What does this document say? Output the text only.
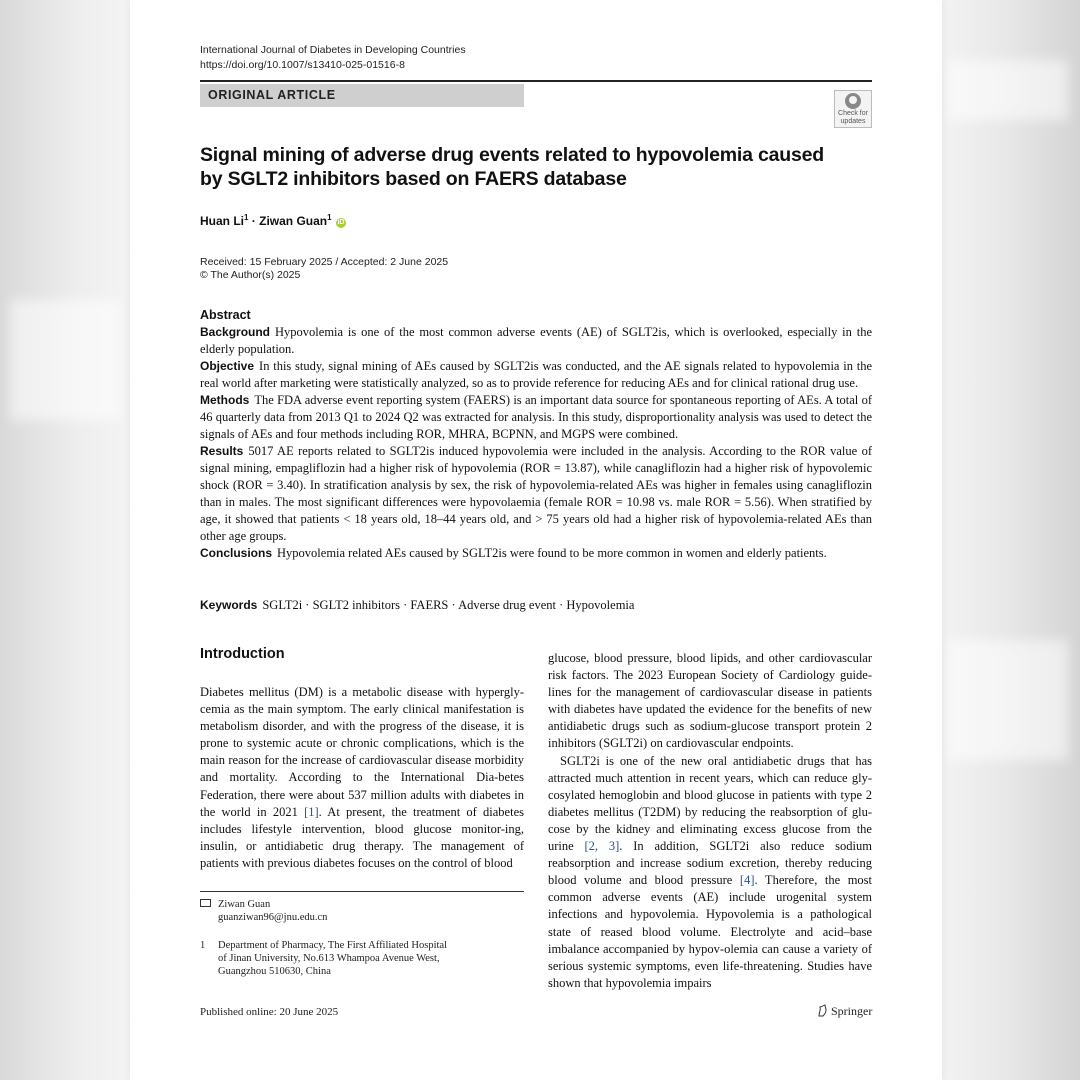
International Journal of Diabetes in Developing Countries
https://doi.org/10.1007/s13410-025-01516-8
ORIGINAL ARTICLE
Check for
updates
Signal mining of adverse drug events related to hypovolemia caused
by SGLT2 inhibitors based on FAERS database
Huan $Li^1$ · Ziwan Guan$^1$ iD
Received: 15 February 2025 / Accepted: 2 June 2025
© The Author(s) 2025
Abstract

Background Hypovolemia is one of the most common adverse events (AE) of SGLT2is, which is overlooked, especially in the elderly population.

Objective In this study, signal mining of AEs caused by SGLT2is was conducted, and the AE signals related to hypovolemia in the real world after marketing were statistically analyzed, so as to provide reference for reducing AEs and for clinical rational drug use.

Methods The FDA adverse event reporting system (FAERS) is an important data source for spontaneous reporting of AEs. A total of 46 quarterly data from 2013 Q1 to 2024 Q2 was extracted for analysis. In this study, disproportionality analysis was used to detect the signals of AEs and four methods including ROR, MHRA, BCPNN, and MGPS were combined.

Results 5017 AE reports related to SGLT2is induced hypovolemia were included in the analysis. According to the ROR value of signal mining, empagliflozin had a higher risk of hypovolemia (ROR = 13.87), while canagliflozin had a higher risk of hypovolemic shock (ROR = 3.40). In stratification analysis by sex, the risk of hypovolemia-related AEs was higher in females using canagliflozin than in males. The most significant differences were hypovolaemia (female ROR = 10.98 vs. male ROR = 5.56). When stratified by age, it showed that patients < 18 years old, 18–44 years old, and > 75 years old had a higher risk of hypovolemia-related AEs than other age groups.

Conclusions Hypovolemia related AEs caused by SGLT2is were found to be more common in women and elderly patients.

Keywords SGLT2i · SGLT2 inhibitors · FAERS · Adverse drug event · Hypovolemia
Introduction

Diabetes mellitus (DM) is a metabolic disease with hypergly-cemia as the main symptom. The early clinical manifestation is metabolism disorder, and with the progress of the disease, it is prone to systemic acute or chronic complications, which is the main reason for the increase of cardiovascular disease morbidity and mortality. According to the International Dia-betes Federation, there were about 537 million adults with diabetes in the world in 2021 [1]. At present, the treatment of diabetes includes lifestyle intervention, blood glucose monitor-ing, insulin, or antidiabetic drug therapy. The management of patients with previous diabetes focuses on the control of blood

glucose, blood pressure, blood lipids, and other cardiovascular risk factors. The 2023 European Society of Cardiology guide-lines for the management of cardiovascular disease in patients with diabetes have updated the evidence for the benefits of new antidiabetic drugs such as sodium-glucose transport protein 2 inhibitors (SGLT2i) on cardiovascular endpoints.

SGLT2i is one of the new oral antidiabetic drugs that has attracted much attention in recent years, which can reduce gly-cosylated hemoglobin and blood glucose in patients with type 2 diabetes mellitus (T2DM) by reducing the reabsorption of glu-cose by the kidney and eliminating excess glucose from the urine [2, 3]. In addition, SGLT2i also reduce sodium reabsorption and increase sodium excretion, thereby reducing blood volume and blood pressure [4]. Therefore, the most common adverse events (AE) include urogenital system infections and hypovolemia. Hypovolemia is a pathological state of reased blood volume. Electrolyte and acid–base imbalance accompanied by hypov-olemia can cause a variety of serious systemic symptoms, even life-threatening. Studies have shown that hypovolemia impairs

Ziwan Guan
guanziwan96@jnu.edu.cn
1 Department of Pharmacy, The First Affiliated Hospital
of Jinan University, No.613 Whampoa Avenue West,
Guangzhou 510630, China
Published online: 20 June 2025	Springer
